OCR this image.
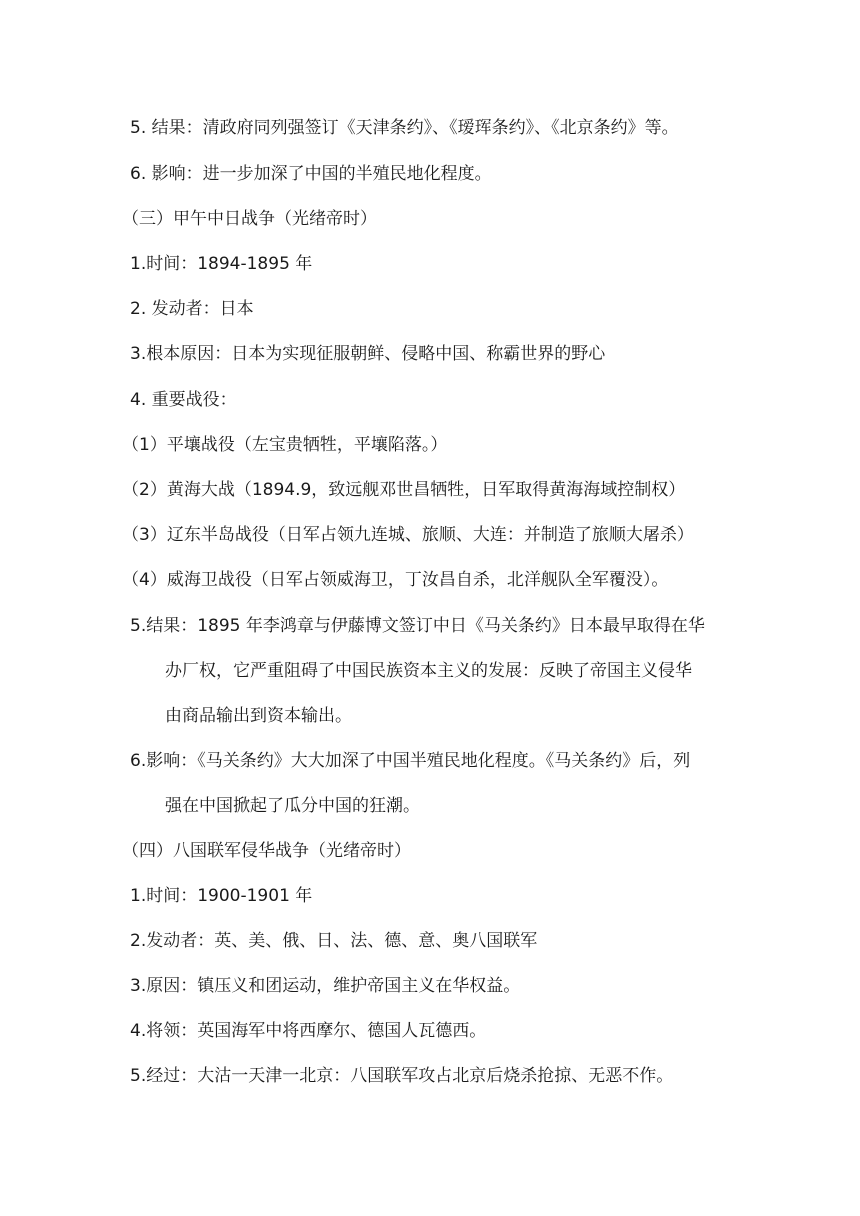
5. 结果：清政府同列强签订《天津条约》、《瑷珲条约》、《北京条约》等。
6. 影响：进一步加深了中国的半殖民地化程度。
（三）甲午中日战争（光绪帝时）
1.时间：1894-1895 年
2. 发动者：日本
3.根本原因：日本为实现征服朝鲜、侵略中国、称霸世界的野心
4. 重要战役：
（1）平壤战役（左宝贵牺牲，平壤陷落。）
（2）黄海大战（1894.9，致远舰邓世昌牺牲，日军取得黄海海域控制权）
（3）辽东半岛战役（日军占领九连城、旅顺、大连：并制造了旅顺大屠杀）
（4）威海卫战役（日军占领威海卫，丁汝昌自杀，北洋舰队全军覆没）。
5.结果：1895 年李鸿章与伊藤博文签订中日《马关条约》日本最早取得在华
办厂权，它严重阻碍了中国民族资本主义的发展：反映了帝国主义侵华
由商品输出到资本输出。
6.影响：《马关条约》大大加深了中国半殖民地化程度。《马关条约》后，列
强在中国掀起了瓜分中国的狂潮。
（四）八国联军侵华战争（光绪帝时）
1.时间：1900-1901 年
2.发动者：英、美、俄、日、法、德、意、奥八国联军
3.原因：镇压义和团运动，维护帝国主义在华权益。
4.将领：英国海军中将西摩尔、德国人瓦德西。
5.经过：大沽一天津一北京：八国联军攻占北京后烧杀抢掠、无恶不作。
